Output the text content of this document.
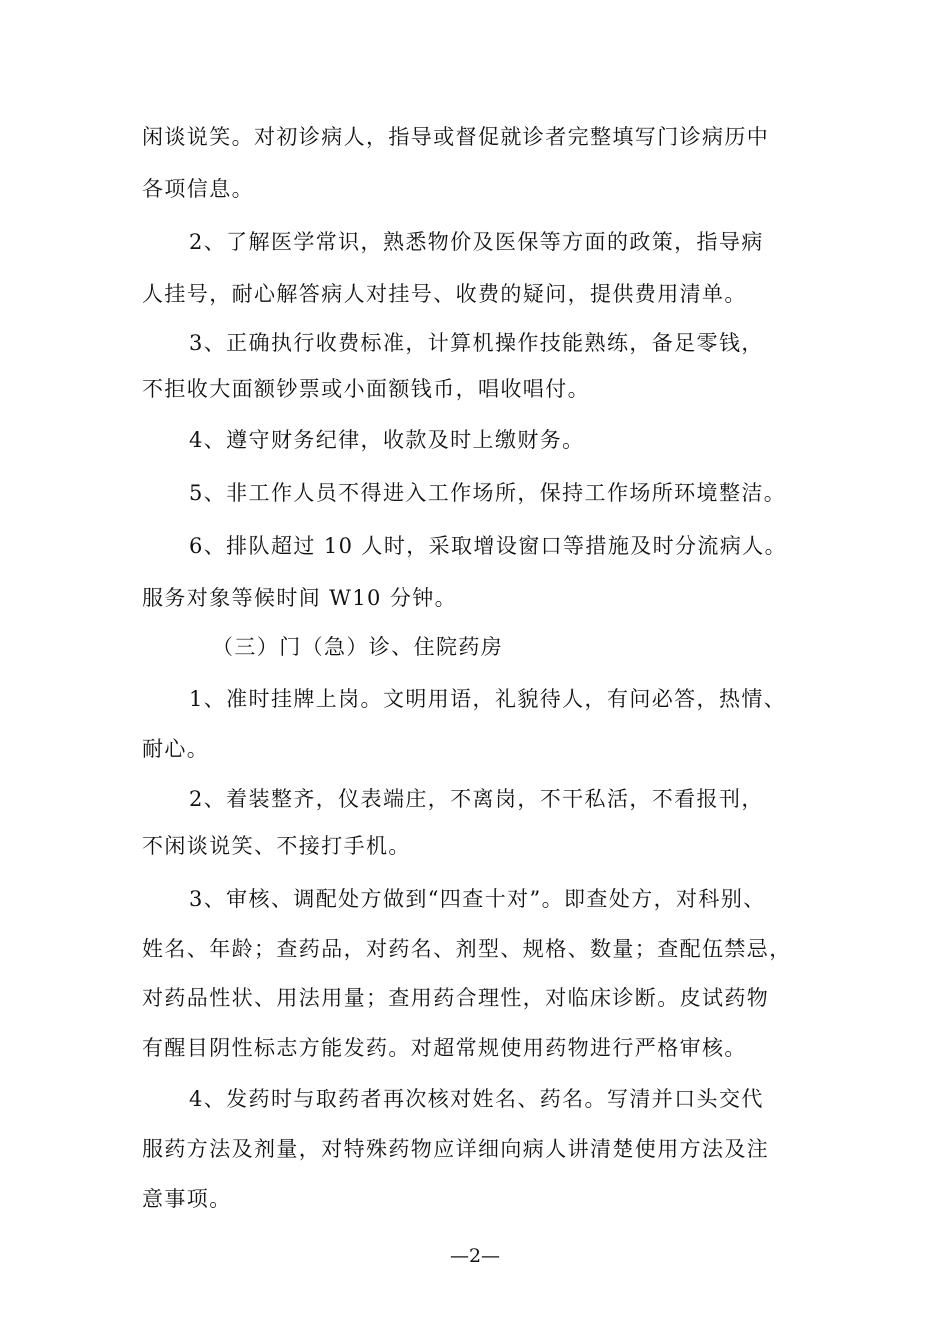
闲谈说笑。对初诊病人，指导或督促就诊者完整填写门诊病历中
各项信息。
2、了解医学常识，熟悉物价及医保等方面的政策，指导病
人挂号，耐心解答病人对挂号、收费的疑问，提供费用清单。
3、正确执行收费标准，计算机操作技能熟练，备足零钱，
不拒收大面额钞票或小面额钱币，唱收唱付。
4、遵守财务纪律，收款及时上缴财务。
5、非工作人员不得进入工作场所，保持工作场所环境整洁。
6、排队超过 10 人时，采取增设窗口等措施及时分流病人。
服务对象等候时间 W10 分钟。
（三）门（急）诊、住院药房
1、准时挂牌上岗。文明用语，礼貌待人，有问必答，热情、
耐心。
2、着装整齐，仪表端庄，不离岗，不干私活，不看报刊，
不闲谈说笑、不接打手机。
3、审核、调配处方做到“四查十对”。即查处方，对科别、
姓名、年龄；查药品，对药名、剂型、规格、数量；查配伍禁忌，
对药品性状、用法用量；查用药合理性，对临床诊断。皮试药物
有醒目阴性标志方能发药。对超常规使用药物进行严格审核。
4、发药时与取药者再次核对姓名、药名。写清并口头交代
服药方法及剂量，对特殊药物应详细向病人讲清楚使用方法及注
意事项。
—2—
